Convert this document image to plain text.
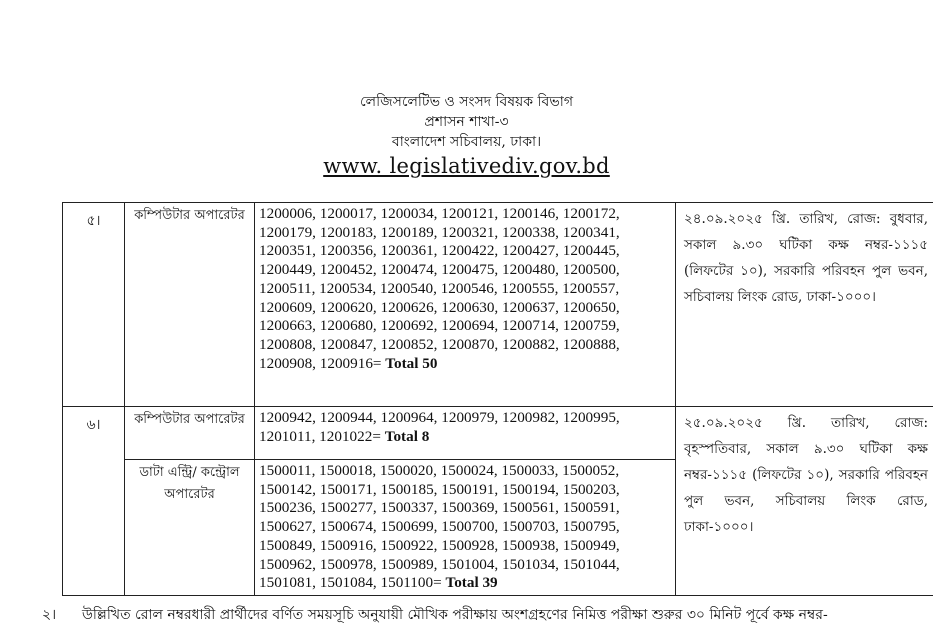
লেজিসলেটিভ ও সংসদ বিষয়ক বিভাগ
প্রশাসন শাখা-৩
বাংলাদেশ সচিবালয়, ঢাকা।
www. legislativediv.gov.bd
৫।	কম্পিউটার অপারেটর	1200006, 1200017, 1200034, 1200121, 1200146, 1200172, 1200179, 1200183, 1200189, 1200321, 1200338, 1200341, 1200351, 1200356, 1200361, 1200422, 1200427, 1200445, 1200449, 1200452, 1200474, 1200475, 1200480, 1200500, 1200511, 1200534, 1200540, 1200546, 1200555, 1200557, 1200609, 1200620, 1200626, 1200630, 1200637, 1200650, 1200663, 1200680, 1200692, 1200694, 1200714, 1200759, 1200808, 1200847, 1200852, 1200870, 1200882, 1200888, 1200908, 1200916= Total 50	২৪.০৯.২০২৫ খ্রি. তারিখ, রোজ: বুধবার, সকাল ৯.৩০ ঘটিকা কক্ষ নম্বর-১১১৫ (লিফটের ১০), সরকারি পরিবহন পুল ভবন, সচিবালয় লিংক রোড, ঢাকা-১০০০।
৬।	কম্পিউটার অপারেটর	1200942, 1200944, 1200964, 1200979, 1200982, 1200995, 1201011, 1201022= Total 8	২৫.০৯.২০২৫ খ্রি. তারিখ, রোজ: বৃহস্পতিবার, সকাল ৯.৩০ ঘটিকা কক্ষ নম্বর-১১১৫ (লিফটের ১০), সরকারি পরিবহন পুল ভবন, সচিবালয় লিংক রোড, ঢাকা-১০০০।
	ডাটা এন্ট্রি/ কন্ট্রোল অপারেটর	1500011, 1500018, 1500020, 1500024, 1500033, 1500052, 1500142, 1500171, 1500185, 1500191, 1500194, 1500203, 1500236, 1500277, 1500337, 1500369, 1500561, 1500591, 1500627, 1500674, 1500699, 1500700, 1500703, 1500795, 1500849, 1500916, 1500922, 1500928, 1500938, 1500949, 1500962, 1500978, 1500989, 1501004, 1501034, 1501044, 1501081, 1501084, 1501100= Total 39	
২। উল্লিখিত রোল নম্বরধারী প্রার্থীদের বর্ণিত সময়সূচি অনুযায়ী মৌখিক পরীক্ষায় অংশগ্রহণের নিমিত্ত পরীক্ষা শুরুর ৩০ মিনিট পূর্বে কক্ষ নম্বর-
